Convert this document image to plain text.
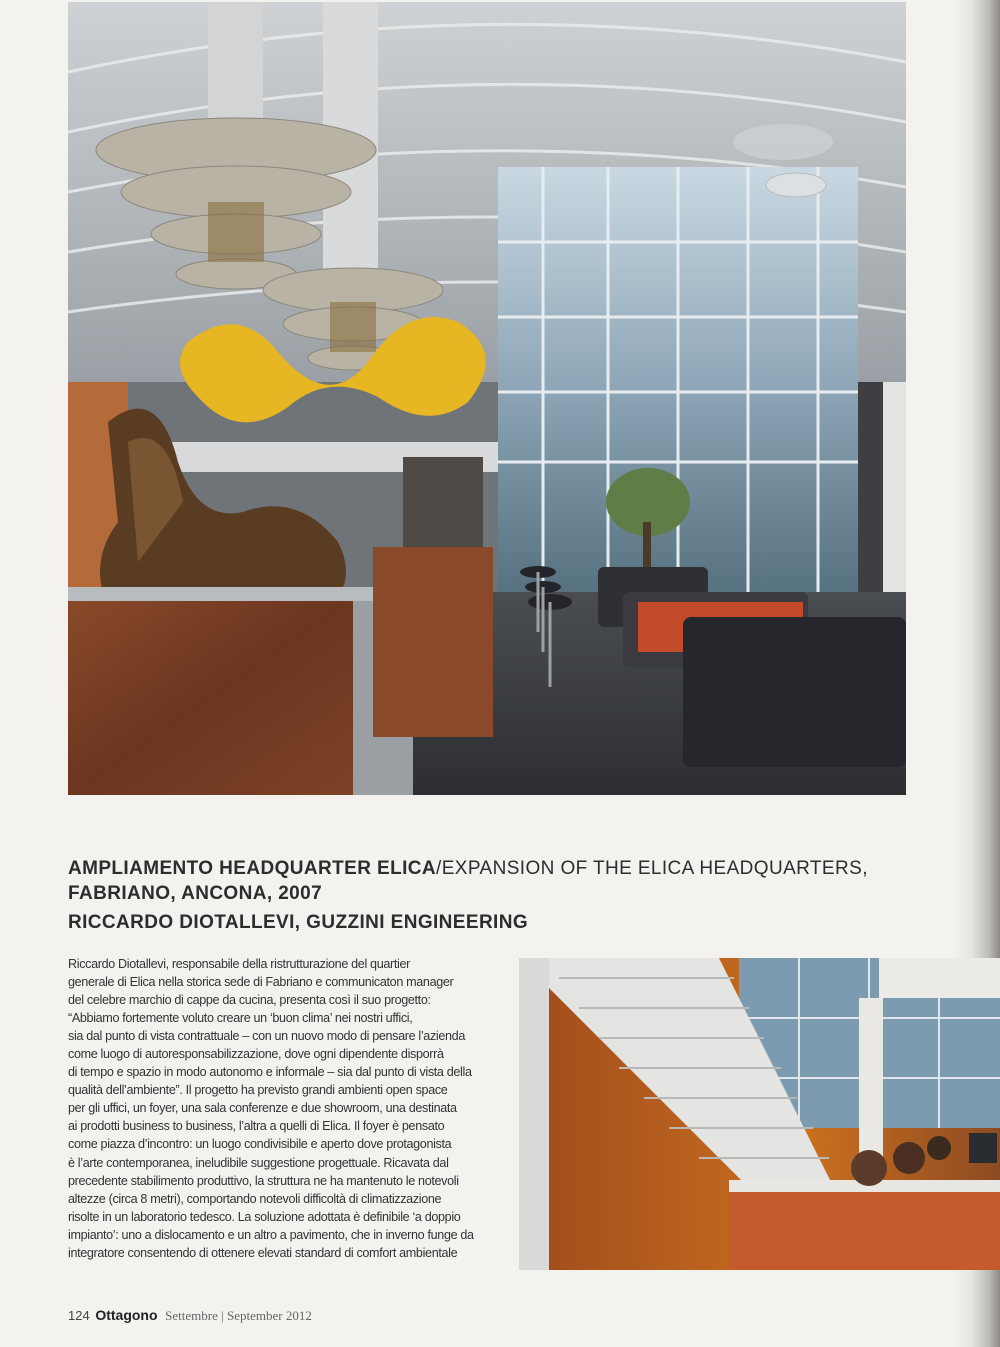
AMPLIAMENTO HEADQUARTER ELICA/EXPANSION OF THE ELICA HEADQUARTERS,
FABRIANO, ANCONA, 2007
RICCARDO DIOTALLEVI, GUZZINI ENGINEERING
Riccardo Diotallevi, responsabile della ristrutturazione del quartier
generale di Elica nella storica sede di Fabriano e communicaton manager
del celebre marchio di cappe da cucina, presenta così il suo progetto:
“Abbiamo fortemente voluto creare un ‘buon clima’ nei nostri uffici,
sia dal punto di vista contrattuale – con un nuovo modo di pensare l’azienda
come luogo di autoresponsabilizzazione, dove ogni dipendente disporrà
di tempo e spazio in modo autonomo e informale – sia dal punto di vista della
qualità dell’ambiente”. Il progetto ha previsto grandi ambienti open space
per gli uffici, un foyer, una sala conferenze e due showroom, una destinata
ai prodotti business to business, l’altra a quelli di Elica. Il foyer è pensato
come piazza d’incontro: un luogo condivisibile e aperto dove protagonista
è l’arte contemporanea, ineludibile suggestione progettuale. Ricavata dal
precedente stabilimento produttivo, la struttura ne ha mantenuto le notevoli
altezze (circa 8 metri), comportando notevoli difficoltà di climatizzazione
risolte in un laboratorio tedesco. La soluzione adottata è definibile ‘a doppio
impianto’: uno a dislocamento e un altro a pavimento, che in inverno funge da
integratore consentendo di ottenere elevati standard di comfort ambientale
124 Ottagono Settembre | September 2012
